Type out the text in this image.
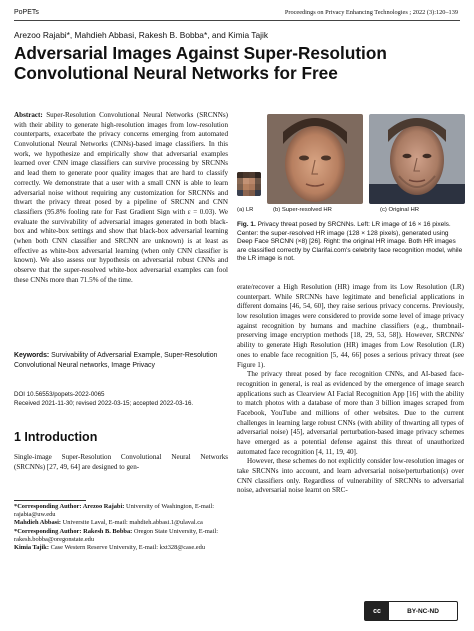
PoPETs	Proceedings on Privacy Enhancing Technologies ; 2022 (3):120–139
Arezoo Rajabi*, Mahdieh Abbasi, Rakesh B. Bobba*, and Kimia Tajik
Adversarial Images Against Super-Resolution Convolutional Neural Networks for Free

Abstract: Super-Resolution Convolutional Neural Networks (SRCNNs) with their ability to generate high-resolution images from low-resolution counterparts, exacerbate the privacy concerns emerging from automated Convolutional Neural Networks (CNNs)-based image classifiers. In this work, we hypothesize and empirically show that adversarial examples learned over CNN image classifiers can survive processing by SRCNNs and lead them to generate poor quality images that are hard to classify correctly. We demonstrate that a user with a small CNN is able to learn adversarial noise without requiring any customization for SRCNNs and thwart the privacy threat posed by a pipeline of SRCNN and CNN classifiers (95.8% fooling rate for Fast Gradient Sign with ε = 0.03). We evaluate the survivability of adversarial images generated in both black-box and white-box settings and show that black-box adversarial learning (when both CNN classifier and SRCNN are unknown) is at least as effective as white-box adversarial learning (when only CNN classifier is known). We also assess our hypothesis on adversarial robust CNNs and observe that the super-resolved white-box adversarial examples can fool these CNNs more than 71.5% of the time.

Keywords: Survivability of Adversarial Example, Super-Resolution Convolutional Neural networks, Image Privacy
DOI 10.56553/popets-2022-0065
Received 2021-11-30; revised 2022-03-15; accepted 2022-03-16.
1 Introduction
Single-image Super-Resolution Convolutional Neural Networks (SRCNNs) [27, 49, 64] are designed to gen-
*Corresponding Author: Arezoo Rajabi: University of Washington, E-mail: rajabia@uw.edu
Mahdieh Abbasi: Universite Laval, E-mail: mahdieh.abbasi.1@ulaval.ca
*Corresponding Author: Rakesh B. Bobba: Oregon State University, E-mail: rakesh.bobba@oregonstate.edu
Kimia Tajik: Case Western Reserve University, E-mail: kxt328@case.edu
(a) LR	(b) Super-resolved HR	(c) Original HR
Fig. 1. Privacy threat posed by SRCNNs. Left: LR image of 16 × 16 pixels. Center: the super-resolved HR image (128 × 128 pixels), generated using Deep Face SRCNN (×8) [26]. Right: the original HR image. Both HR images are classified correctly by Clarifai.com's celebrity face recognition model, while the LR image is not.

erate/recover a High Resolution (HR) image from its Low Resolution (LR) counterpart. While SRCNNs have legitimate and beneficial applications in different domains [46, 54, 60], they raise serious privacy concerns. Previously, low resolution images were considered to provide some level of image privacy against recognition by humans and machine classifiers (e.g., thumbnail-preserving image encryption methods [18, 29, 53, 58]). However, SRCNNs' ability to generate High Resolution (HR) images from Low Resolution (LR) ones to enable face recognition [5, 44, 66] poses a serious privacy threat (see Figure 1).

The privacy threat posed by face recognition CNNs, and AI-based face-recognition in general, is real as evidenced by the emergence of image search applications such as Clearview AI Facial Recognition App [16] with the ability to match photos with a database of more than 3 billion images scraped from Facebook, YouTube and millions of other websites. Due to the current challenges in learning large robust CNNs (with ability of thwarting all types of adversarial noise) [45], adversarial perturbation-based image privacy schemes have emerged as a potential defense against this threat of unauthorized automated face recognition [4, 11, 19, 40].

However, these schemes do not explicitly consider low-resolution images or take SRCNNs into account, and learn adversarial noise/perturbation(s) over CNN classifiers only. Regardless of vulnerability of SRCNNs to adversarial noise, adversarial noise learnt on SRC-

cc	BY-NC-ND
